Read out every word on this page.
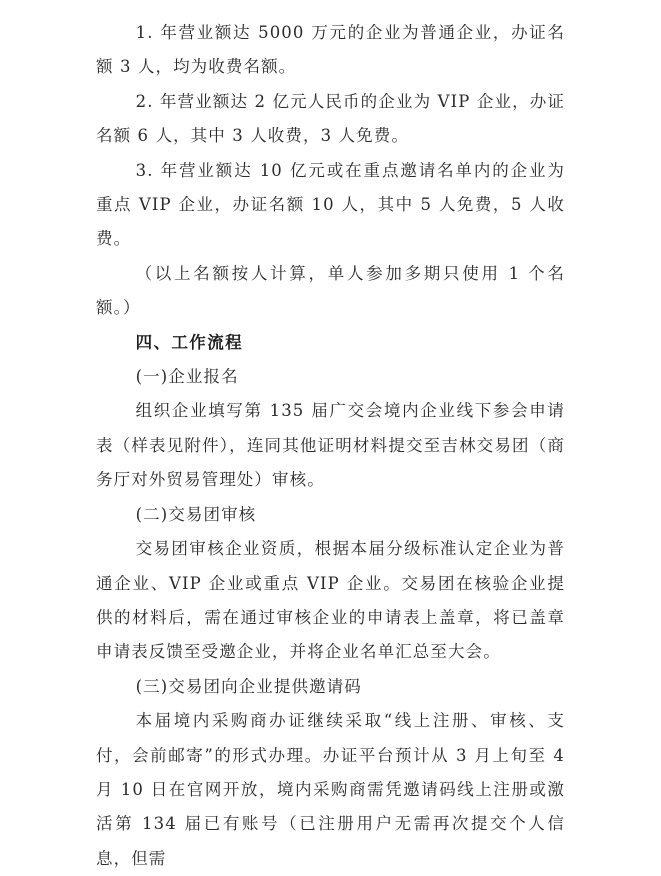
1. 年营业额达 5000 万元的企业为普通企业，办证名额 3 人，均为收费名额。

2. 年营业额达 2 亿元人民币的企业为 VIP 企业，办证名额 6 人，其中 3 人收费，3 人免费。

3. 年营业额达 10 亿元或在重点邀请名单内的企业为重点 VIP 企业，办证名额 10 人，其中 5 人免费，5 人收费。

（以上名额按人计算，单人参加多期只使用 1 个名额。）

四、工作流程

(一)企业报名

组织企业填写第 135 届广交会境内企业线下参会申请表（样表见附件），连同其他证明材料提交至吉林交易团（商务厅对外贸易管理处）审核。

(二)交易团审核

交易团审核企业资质，根据本届分级标准认定企业为普通企业、VIP 企业或重点 VIP 企业。交易团在核验企业提供的材料后，需在通过审核企业的申请表上盖章，将已盖章申请表反馈至受邀企业，并将企业名单汇总至大会。

(三)交易团向企业提供邀请码

本届境内采购商办证继续采取“线上注册、审核、支付，会前邮寄”的形式办理。办证平台预计从 3 月上旬至 4 月 10 日在官网开放，境内采购商需凭邀请码线上注册或激活第 134 届已有账号（已注册用户无需再次提交个人信息，但需
